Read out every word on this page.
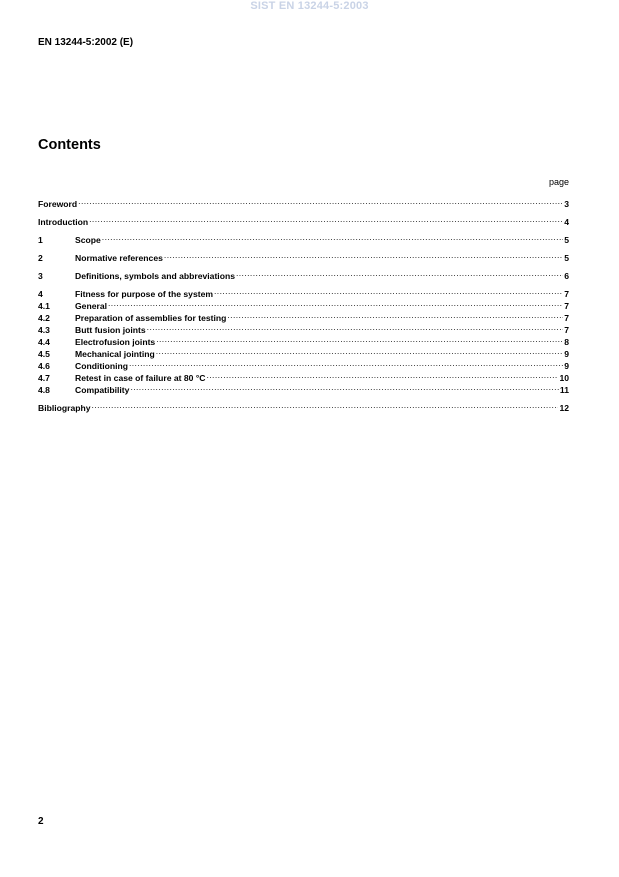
SIST EN 13244-5:2003
EN 13244-5:2002 (E)
Contents
page
Foreword .....	3
Introduction .....	4
1	Scope .....	5
2	Normative references .....	5
3	Definitions, symbols and abbreviations .....	6
4	Fitness for purpose of the system .....	7
4.1	General .....	7
4.2	Preparation of assemblies for testing .....	7
4.3	Butt fusion joints .....	7
4.4	Electrofusion joints .....	8
4.5	Mechanical jointing .....	9
4.6	Conditioning .....	9
4.7	Retest in case of failure at 80 °C .....	10
4.8	Compatibility .....	11
Bibliography .....	12
2
